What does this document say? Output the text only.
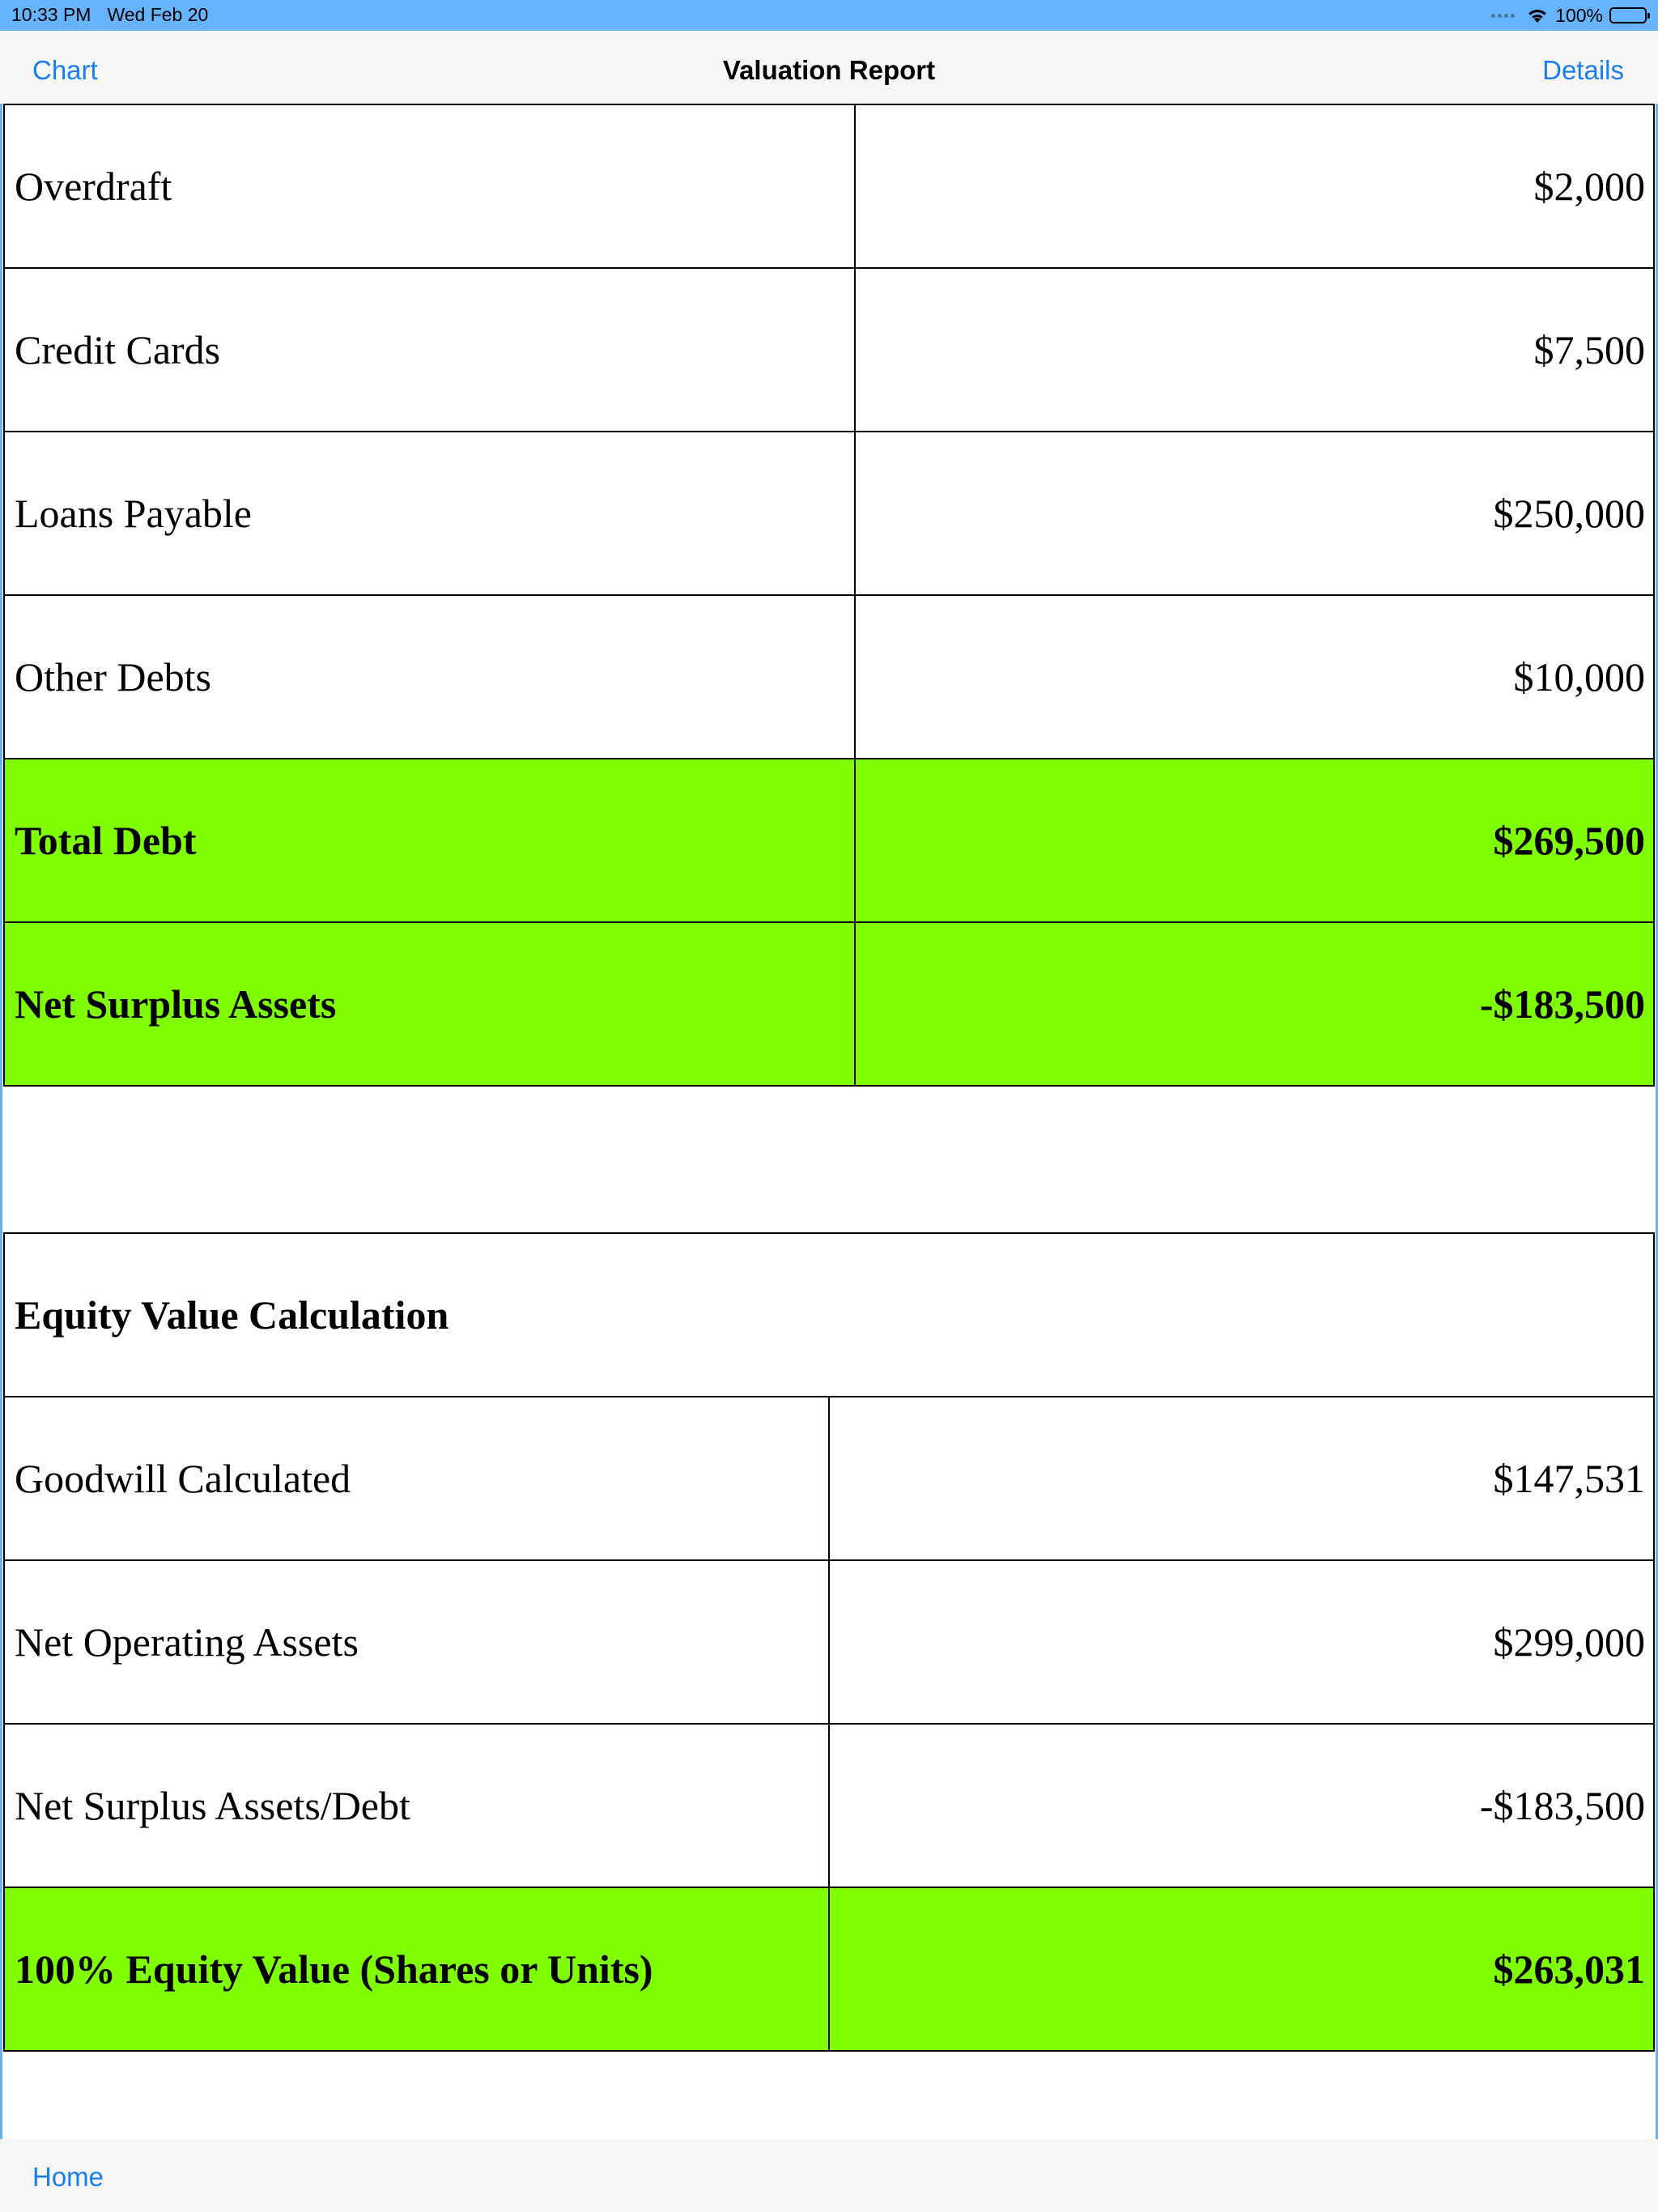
10:33 PM Wed Feb 20	100%
Chart	Valuation Report	Details
Overdraft	$2,000
Credit Cards	$7,500
Loans Payable	$250,000
Other Debts	$10,000
Total Debt	$269,500
Net Surplus Assets	-$183,500
Equity Value Calculation	
Goodwill Calculated	$147,531
Net Operating Assets	$299,000
Net Surplus Assets/Debt	-$183,500
100% Equity Value (Shares or Units)	$263,031
Home
